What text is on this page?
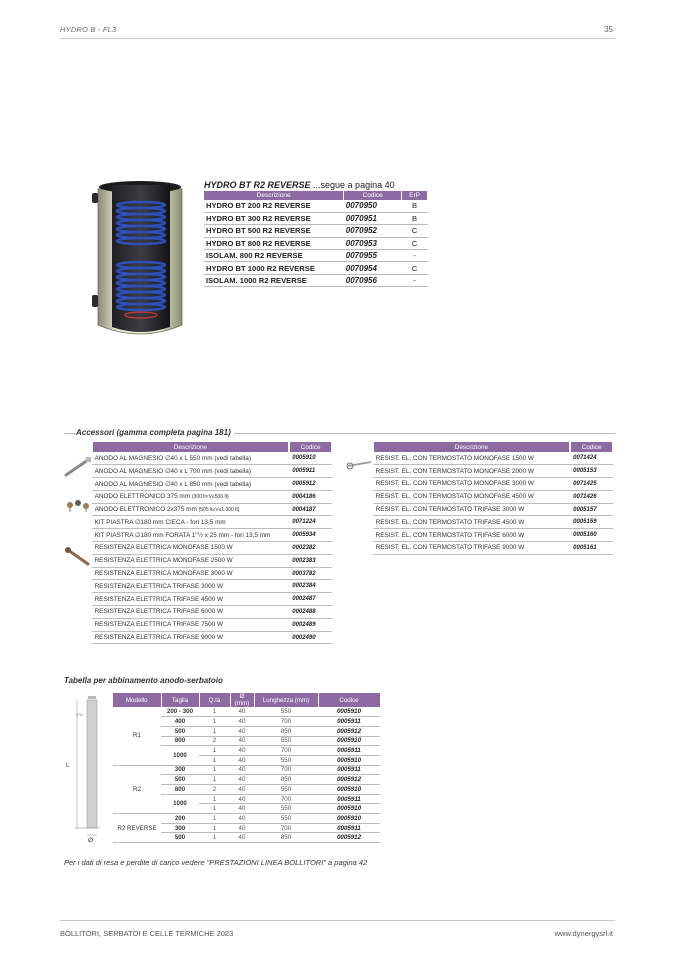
HYDRO B - FL3	35
HYDRO BT R2 REVERSE ...segue a pagina 40
Descrizione	Codice	ErP
HYDRO BT 200 R2 REVERSE	0070950	B
HYDRO BT 300 R2 REVERSE	0070951	B
HYDRO BT 500 R2 REVERSE	0070952	C
HYDRO BT 800 R2 REVERSE	0070953	C
ISOLAM. 800 R2 REVERSE	0070955	-
HYDRO BT 1000 R2 REVERSE	0070954	C
ISOLAM. 1000 R2 REVERSE	0070956	-
Accessori (gamma completa pagina 181)
	Descrizione	Codice
	ANODO AL MAGNESIO ∅40 x L 550 mm (vedi tabella)	0005910
	ANODO AL MAGNESIO ∅40 x L 700 mm (vedi tabella)	0005911
	ANODO AL MAGNESIO ∅40 x L 850 mm (vedi tabella)	0005912
	ANODO ELETTRONICO 375 mm (300 lt<V≤500 lt)	0004186
	ANODO ELETTRONICO 2x375 mm (505 lt≤V≤1.000 lt)	0004187
	KIT PIASTRA ∅180 mm CIECA - fori 13,5 mm	0071224
	KIT PIASTRA ∅180 mm FORATA 1"½ x 25 mm - fori 13,5 mm	0005934
	RESISTENZA ELETTRICA MONOFASE 1500 W	0002382
	RESISTENZA ELETTRICA MONOFASE 2500 W	0002383
	RESISTENZA ELETTRICA MONOFASE 3000 W	0003782
	RESISTENZA ELETTRICA TRIFASE 3000 W	0002384
	RESISTENZA ELETTRICA TRIFASE 4500 W	0002487
	RESISTENZA ELETTRICA TRIFASE 6000 W	0002488
	RESISTENZA ELETTRICA TRIFASE 7500 W	0002489
	RESISTENZA ELETTRICA TRIFASE 9000 W	0002490
	Descrizione	Codice
	RESIST. EL. CON TERMOSTATO MONOFASE 1500 W	0071424
	RESIST. EL. CON TERMOSTATO MONOFASE 2000 W	0005153
	RESIST. EL. CON TERMOSTATO MONOFASE 3000 W	0071425
	RESIST. EL. CON TERMOSTATO MONOFASE 4500 W	0071426
	RESIST. EL. CON TERMOSTATO TRIFASE 3000 W	0005157
	RESIST. EL. CON TERMOSTATO TRIFASE 4500 W	0005159
	RESIST. EL. CON TERMOSTATO TRIFASE 6000 W	0005160
	RESIST. EL. CON TERMOSTATO TRIFASE 9000 W	0005161
Tabella per abbinamento anodo-serbatoio
L
1"¼
Ø
Modello	Taglia	Q.tà	Ø (mm)	Lunghezza (mm)	Codice
R1	200 - 300	1	40	550	0005910
	400	1	40	700	0005911
	500	1	40	850	0005912
	800	2	40	550	0005910
	1000	1	40	700	0005911
		1	40	550	0005910
R2	300	1	40	700	0005911
	500	1	40	850	0005912
	800	2	40	550	0005910
	1000	1	40	700	0005911
		1	40	550	0005910
R2 REVERSE	200	1	40	550	0005910
	300	1	40	700	0005911
	500	1	40	850	0005912
Per i dati di resa e perdite di carico vedere "PRESTAZIONI LINEA BOLLITORI" a pagina 42
BOLLITORI, SERBATOI E CELLE TERMICHE 2023	www.dynergysrl.it
